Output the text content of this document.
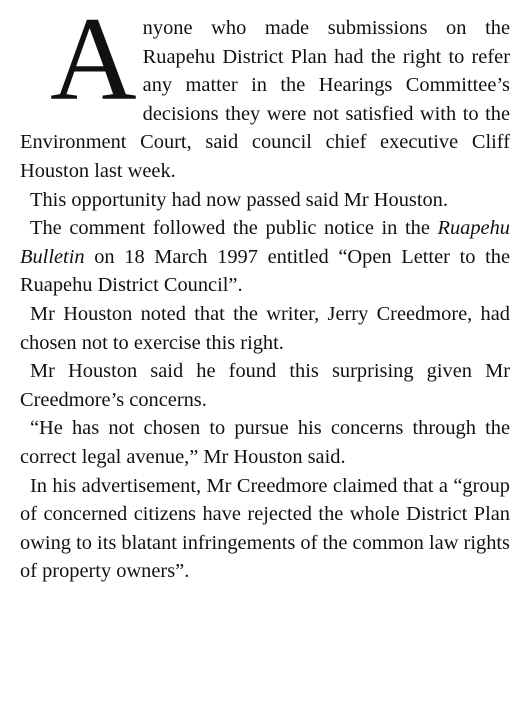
Anyone who made submissions on the Ruapehu District Plan had the right to refer any matter in the Hearings Committee’s decisions they were not satisfied with to the Environment Court, said council chief executive Cliff Houston last week.

This opportunity had now passed said Mr Houston.

The comment followed the public notice in the Ruapehu Bulletin on 18 March 1997 entitled “Open Letter to the Ruapehu District Council”.

Mr Houston noted that the writer, Jerry Creedmore, had chosen not to exercise this right.

Mr Houston said he found this surprising given Mr Creedmore’s concerns.

“He has not chosen to pursue his concerns through the correct legal avenue,” Mr Houston said.

In his advertisement, Mr Creedmore claimed that a “group of concerned citizens have rejected the whole District Plan owing to its blatant infringements of the common law rights of property owners”.
